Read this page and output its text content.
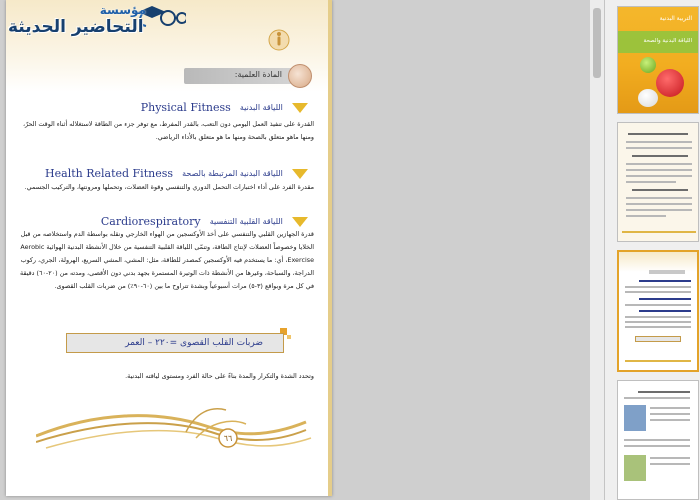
المادة العلمية:
Physical Fitness اللياقة البدنية
القدرة على تنفيذ العمل اليومي دون التعب، بالقدر المفرط، مع توفر جزء من الطاقة لاستغلاله أثناء الوقت الحرّ، ومنها ماهو متعلق بالصحة ومنها ما هو متعلق بالأداء الرياضي.
Health Related Fitness اللياقة البدنية المرتبطة بالصحة
مقدرة الفرد على أداء اختبارات التحمل الدوري والتنفسي وقوة العضلات، وتحملها ومرونتها، والتركيب الجسمي.
Cardiorespiratory اللياقة القلبية التنفسية
قدرة الجهازين القلبي والتنفسي على أخذ الأوكسجين من الهواء الخارجي ونقله بواسطة الدم واستخلاصه من قبل الخلايا وخصوصاً العضلات لإنتاج الطاقة، وتنمّى اللياقة القلبية التنفسية من خلال الأنشطة البدنية الهوائية Aerobic Exercise، أي: ما يستخدم فيه الأوكسجين كمصدر للطاقة، مثل: المشي، المشي السريع، الهرولة، الجري، ركوب الدراجة، والسباحة، وغيرها من الأنشطة ذات الوتيرة المستمرة بجهد بدني دون الأقصى، ومدته من (٢٠-٦٠) دقيقة في كل مرة وبواقع (٣-٥) مرات أسبوعياً وبشدة تتراوح ما بين (٦٠-٩٠٪) من ضربات القلب القصوى.
ضربات القلب القصوى =٢٢٠ – العمر
وتحدد الشدة والتكرار والمدة بناءً على حالة الفرد ومستوى لياقته البدنية.
٦٦
مؤسسة
التحاضير الحديثة	التربية البدنية
اللياقة البدنية والصحة
